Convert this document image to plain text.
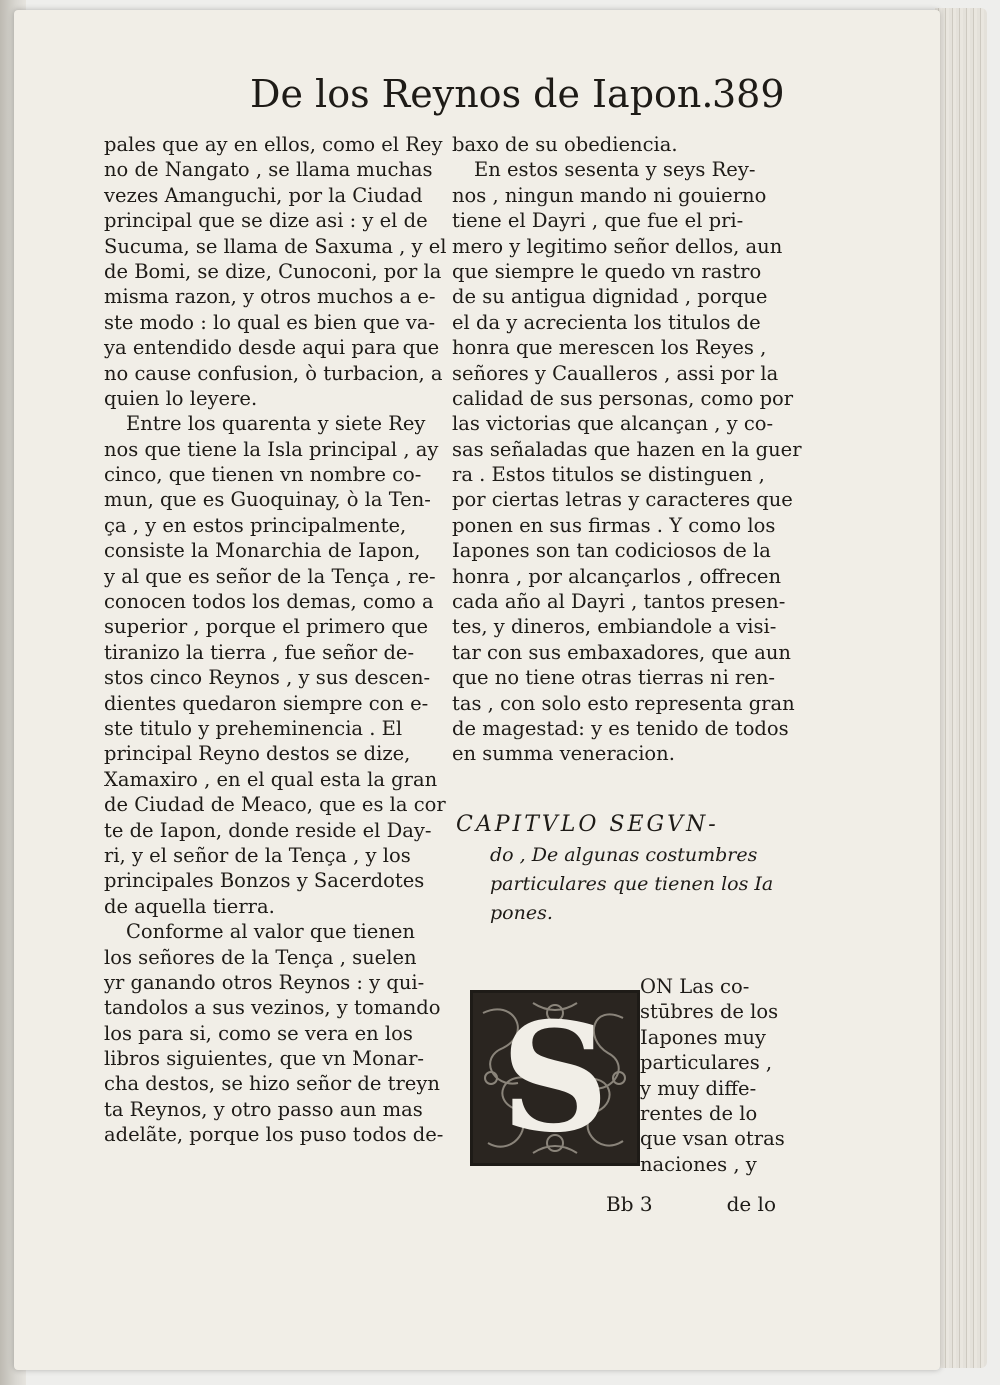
De los Reynos de Iapon.
389
pales que ay en ellos, como el Rey
no de Nangato , se llama muchas
vezes Amanguchi, por la Ciudad
principal que se dize asi : y el de
Sucuma, se llama de Saxuma , y el
de Bomi, se dize, Cunoconi, por la
misma razon, y otros muchos a e-
ste modo : lo qual es bien que va-
ya entendido desde aqui para que
no cause confusion, ò turbacion, a
quien lo leyere.
Entre los quarenta y siete Rey
nos que tiene la Isla principal , ay
cinco, que tienen vn nombre co-
mun, que es Guoquinay, ò la Ten-
ça , y en estos principalmente,
consiste la Monarchia de Iapon,
y al que es señor de la Tença , re-
conocen todos los demas, como a
superior , porque el primero que
tiranizo la tierra , fue señor de-
stos cinco Reynos , y sus descen-
dientes quedaron siempre con e-
ste titulo y preheminencia . El
principal Reyno destos se dize,
Xamaxiro , en el qual esta la gran
de Ciudad de Meaco, que es la cor
te de Iapon, donde reside el Day-
ri, y el señor de la Tença , y los
principales Bonzos y Sacerdotes
de aquella tierra.
Conforme al valor que tienen
los señores de la Tença , suelen
yr ganando otros Reynos : y qui-
tandolos a sus vezinos, y tomando
los para si, como se vera en los
libros siguientes, que vn Monar-
cha destos, se hizo señor de treyn
ta Reynos, y otro passo aun mas
adelãte, porque los puso todos de-
baxo de su obediencia.
En estos sesenta y seys Rey-
nos , ningun mando ni gouierno
tiene el Dayri , que fue el pri-
mero y legitimo señor dellos, aun
que siempre le quedo vn rastro
de su antigua dignidad , porque
el da y acrecienta los titulos de
honra que merescen los Reyes ,
señores y Caualleros , assi por la
calidad de sus personas, como por
las victorias que alcançan , y co-
sas señaladas que hazen en la guer
ra . Estos titulos se distinguen ,
por ciertas letras y caracteres que
ponen en sus firmas . Y como los
Iapones son tan codiciosos de la
honra , por alcançarlos , offrecen
cada año al Dayri , tantos presen-
tes, y dineros, embiandole a visi-
tar con sus embaxadores, que aun
que no tiene otras tierras ni ren-
tas , con solo esto representa gran
de magestad: y es tenido de todos
en summa veneracion.
CAPITVLO SEGVN-
do , De algunas costumbres
particulares que tienen los Ia
pones.
S
ON Las co-
stūbres de los
Iapones muy
particulares ,
y muy diffe-
rentes de lo
que vsan otras
naciones , y
Bb 3	de lo
